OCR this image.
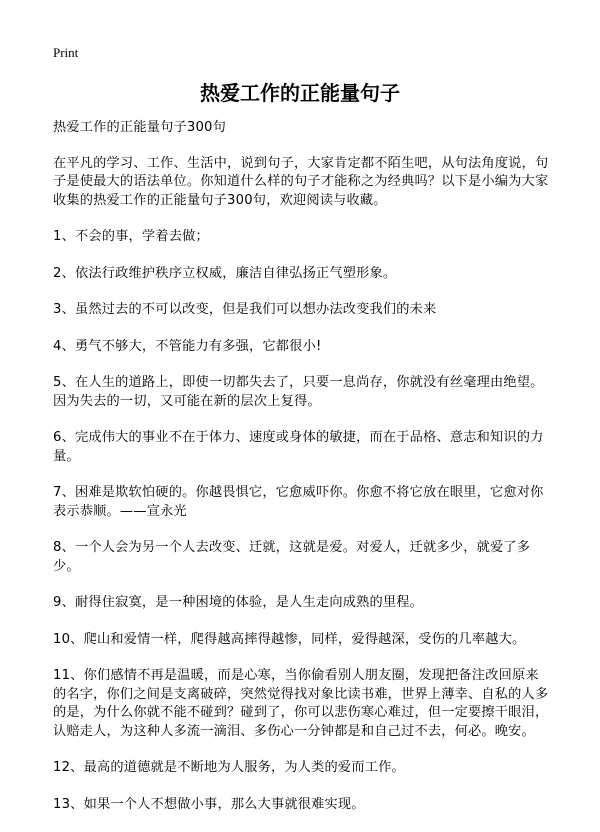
Print
热爱工作的正能量句子

热爱工作的正能量句子300句

在平凡的学习、工作、生活中，说到句子，大家肯定都不陌生吧，从句法角度说，句子是使最大的语法单位。你知道什么样的句子才能称之为经典吗？以下是小编为大家收集的热爱工作的正能量句子300句，欢迎阅读与收藏。

1、不会的事，学着去做；

2、依法行政维护秩序立权威，廉洁自律弘扬正气塑形象。

3、虽然过去的不可以改变，但是我们可以想办法改变我们的未来

4、勇气不够大，不管能力有多强，它都很小!

5、在人生的道路上，即使一切都失去了，只要一息尚存，你就没有丝毫理由绝望。因为失去的一切，又可能在新的层次上复得。

6、完成伟大的事业不在于体力、速度或身体的敏捷，而在于品格、意志和知识的力量。

7、困难是欺软怕硬的。你越畏惧它，它愈威吓你。你愈不将它放在眼里，它愈对你表示恭顺。——宣永光

8、一个人会为另一个人去改变、迁就，这就是爱。对爱人，迁就多少，就爱了多少。

9、耐得住寂寞，是一种困境的体验，是人生走向成熟的里程。

10、爬山和爱情一样，爬得越高摔得越惨，同样，爱得越深，受伤的几率越大。

11、你们感情不再是温暖，而是心寒，当你偷看别人朋友圈，发现把备注改回原来的名字，你们之间是支离破碎，突然觉得找对象比读书难，世界上薄幸、自私的人多的是，为什么你就不能不碰到？碰到了，你可以悲伤寒心难过，但一定要擦干眼泪，认赔走人，为这种人多流一滴泪、多伤心一分钟都是和自己过不去，何必。晚安。

12、最高的道德就是不断地为人服务，为人类的爱而工作。

13、如果一个人不想做小事，那么大事就很难实现。
